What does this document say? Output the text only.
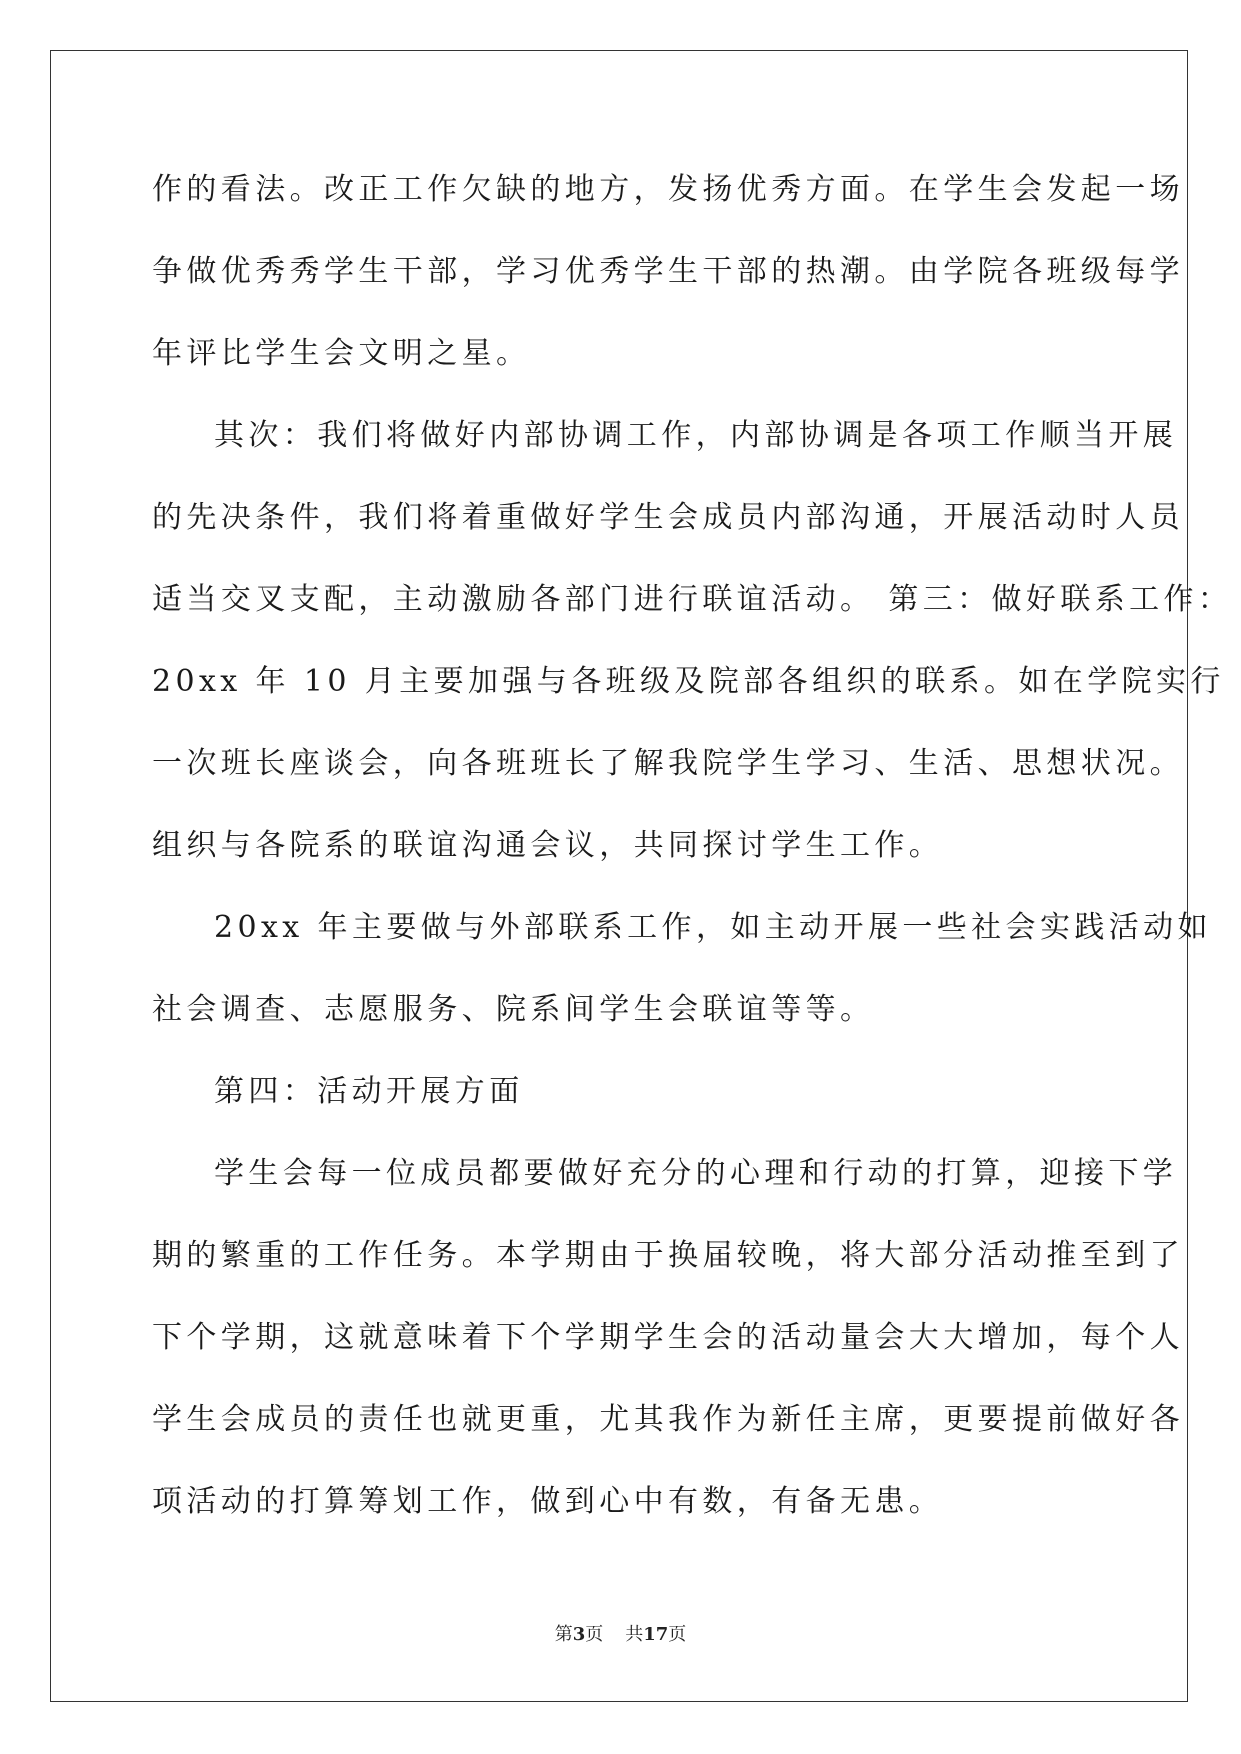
作的看法。改正工作欠缺的地方，发扬优秀方面。在学生会发起一场
争做优秀秀学生干部，学习优秀学生干部的热潮。由学院各班级每学
年评比学生会文明之星。
其次：我们将做好内部协调工作，内部协调是各项工作顺当开展
的先决条件，我们将着重做好学生会成员内部沟通，开展活动时人员
适当交叉支配，主动激励各部门进行联谊活动。 第三：做好联系工作：
20xx 年 10 月主要加强与各班级及院部各组织的联系。如在学院实行
一次班长座谈会，向各班班长了解我院学生学习、生活、思想状况。
组织与各院系的联谊沟通会议，共同探讨学生工作。
20xx 年主要做与外部联系工作，如主动开展一些社会实践活动如
社会调查、志愿服务、院系间学生会联谊等等。
第四：活动开展方面
学生会每一位成员都要做好充分的心理和行动的打算，迎接下学
期的繁重的工作任务。本学期由于换届较晚，将大部分活动推至到了
下个学期，这就意味着下个学期学生会的活动量会大大增加，每个人
学生会成员的责任也就更重，尤其我作为新任主席，更要提前做好各
项活动的打算筹划工作，做到心中有数，有备无患。
第3页 共17页
